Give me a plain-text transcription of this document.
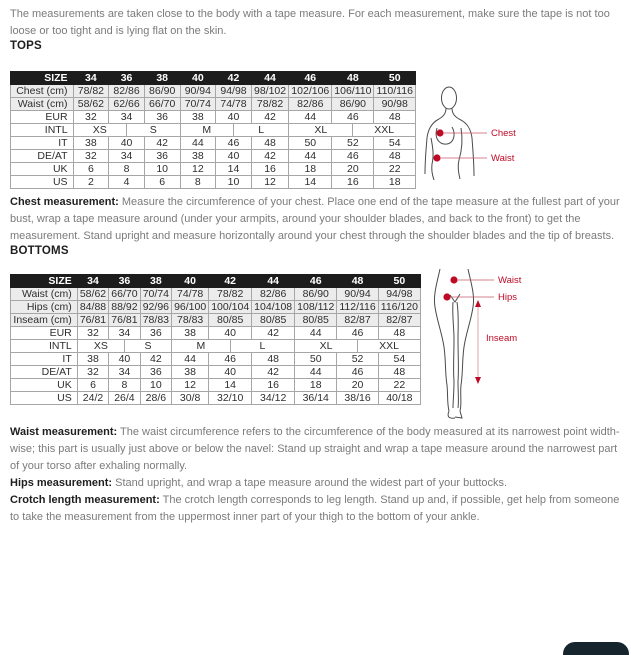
The measurements are taken close to the body with a tape measure. For each measurement, make sure the tape is not too loose or too tight and is lying flat on the skin.

TOPS
SIZE	34	36		38	40	42		44	46	48		50
Chest (cm)	78/82	82/86		86/90	90/94	94/98		98/102	102/106	106/110		110/116
Waist (cm)	58/62	62/66		66/70	70/74	74/78		78/82	82/86	86/90		90/98
EUR	32	34		36	38	40		42	44	46		48
INTL	XS		S		M		L		XL		XXL	
IT	38	40		42	44	46		48	50	52		54
DE/AT	32	34		36	38	40		42	44	46		48
UK	6	8		10	12	14		16	18	20		22
US	2	4		6	8	10		12	14	16		18
Chest
Waist

Chest measurement: Measure the circumference of your chest. Place one end of the tape measure at the fullest part of your bust, wrap a tape measure around (under your armpits, around your shoulder blades, and back to the front) to get the measurement. Stand upright and measure horizontally around your chest through the shoulder blades and the tip of breasts.

BOTTOMS
SIZE	34	36		38	40	42		44	46	48		50
Waist (cm)	58/62	66/70		70/74	74/78	78/82		82/86	86/90	90/94		94/98
Hips (cm)	84/88	88/92		92/96	96/100	100/104		104/108	108/112	112/116		116/120
Inseam (cm)	76/81	76/81		78/83	78/83	80/85		80/85	80/85	82/87		82/87
EUR	32	34		36	38	40		42	44	46		48
INTL	XS		S		M		L		XL		XXL	
IT	38	40		42	44	46		48	50	52		54
DE/AT	32	34		36	38	40		42	44	46		48
UK	6	8		10	12	14		16	18	20		22
US	24/2	26/4		28/6	30/8	32/10		34/12	36/14	38/16		40/18
Waist
Hips
Inseam

Waist measurement: The waist circumference refers to the circumference of the body measured at its narrowest point width-wise; this part is usually just above or below the navel: Stand up straight and wrap a tape measure around the narrowest part of your torso after exhaling normally.

Hips measurement: Stand upright, and wrap a tape measure around the widest part of your buttocks.

Crotch length measurement: The crotch length corresponds to leg length. Stand up and, if possible, get help from someone to take the measurement from the uppermost inner part of your thigh to the bottom of your ankle.
